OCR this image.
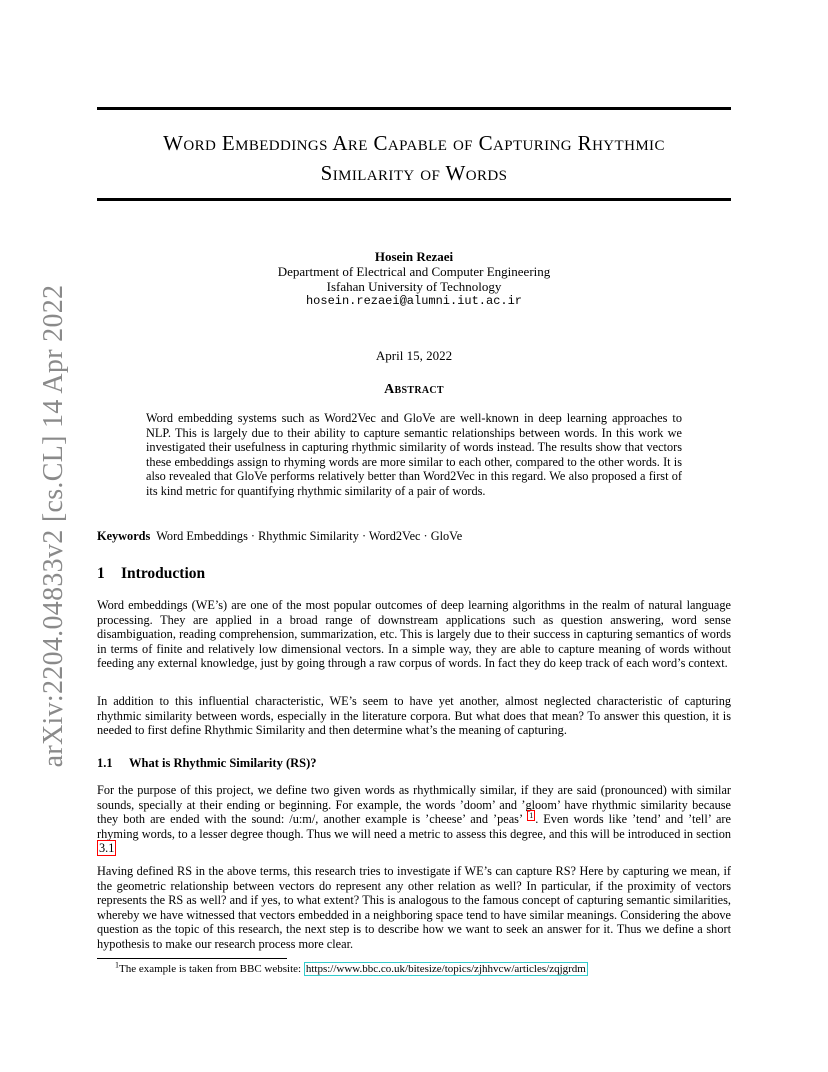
arXiv:2204.04833v2 [cs.CL] 14 Apr 2022
Word Embeddings Are Capable of Capturing Rhythmic
Similarity of Words
Hosein Rezaei
Department of Electrical and Computer Engineering
Isfahan University of Technology
hosein.rezaei@alumni.iut.ac.ir
April 15, 2022
Abstract
Word embedding systems such as Word2Vec and GloVe are well-known in deep learning approaches to NLP. This is largely due to their ability to capture semantic relationships between words. In this work we investigated their usefulness in capturing rhythmic similarity of words instead. The results show that vectors these embeddings assign to rhyming words are more similar to each other, compared to the other words. It is also revealed that GloVe performs relatively better than Word2Vec in this regard. We also proposed a first of its kind metric for quantifying rhythmic similarity of a pair of words.
Keywords Word Embeddings · Rhythmic Similarity · Word2Vec · GloVe
1 Introduction
Word embeddings (WE’s) are one of the most popular outcomes of deep learning algorithms in the realm of natural language processing. They are applied in a broad range of downstream applications such as question answering, word sense disambiguation, reading comprehension, summarization, etc. This is largely due to their success in capturing semantics of words in terms of finite and relatively low dimensional vectors. In a simple way, they are able to capture meaning of words without feeding any external knowledge, just by going through a raw corpus of words. In fact they do keep track of each word’s context.
In addition to this influential characteristic, WE’s seem to have yet another, almost neglected characteristic of capturing rhythmic similarity between words, especially in the literature corpora. But what does that mean? To answer this question, it is needed to first define Rhythmic Similarity and then determine what’s the meaning of capturing.
1.1 What is Rhythmic Similarity (RS)?
For the purpose of this project, we define two given words as rhythmically similar, if they are said (pronounced) with similar sounds, specially at their ending or beginning. For example, the words ’doom’ and ’gloom’ have rhythmic similarity because they both are ended with the sound: /u:m/, another example is ’cheese’ and ’peas’ $^1$ . Even words like ’tend’ and ’tell’ are rhyming words, to a lesser degree though. Thus we will need a metric to assess this degree, and this will be introduced in section 3.1
Having defined RS in the above terms, this research tries to investigate if WE’s can capture RS? Here by capturing we mean, if the geometric relationship between vectors do represent any other relation as well? In particular, if the proximity of vectors represents the RS as well? and if yes, to what extent? This is analogous to the famous concept of capturing semantic similarities, whereby we have witnessed that vectors embedded in a neighboring space tend to have similar meanings. Considering the above question as the topic of this research, the next step is to describe how we want to seek an answer for it. Thus we define a short hypothesis to make our research process more clear.
$^1$The example is taken from BBC website: https://www.bbc.co.uk/bitesize/topics/zjhhvcw/articles/zqjgrdm
